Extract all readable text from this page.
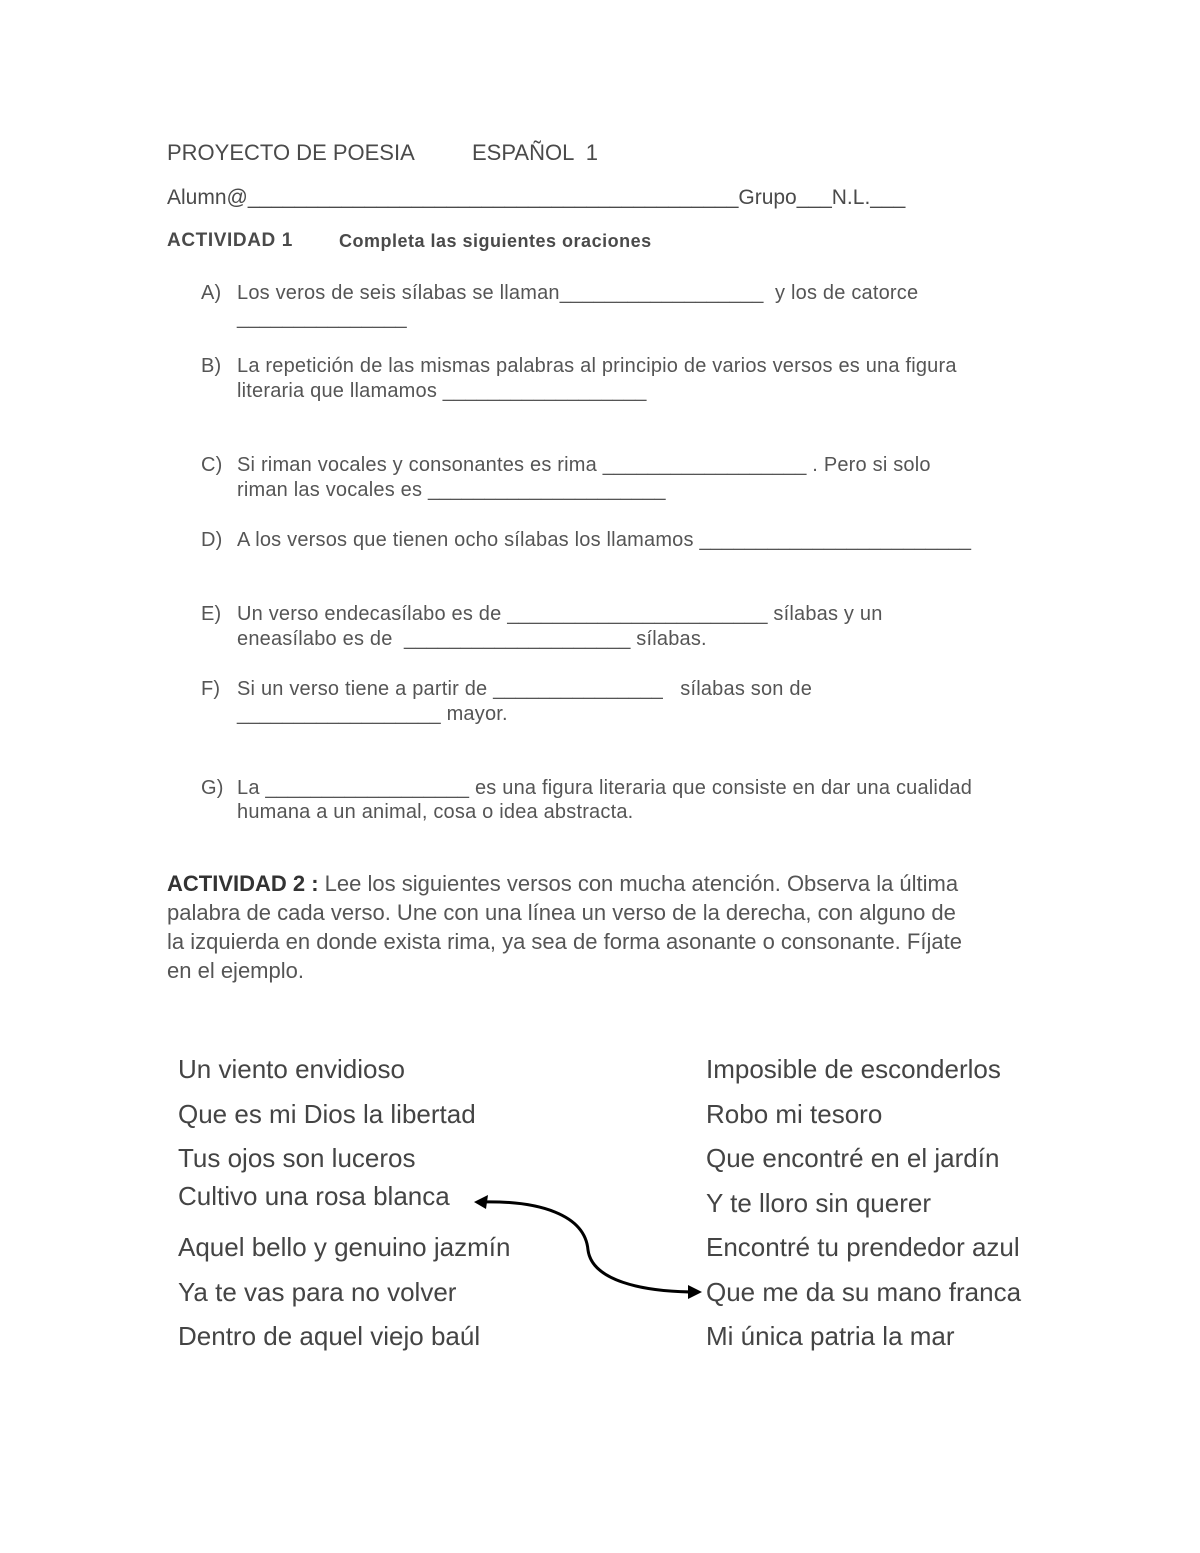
PROYECTO DE POESIA	ESPAÑOL  1
Alumn@__________________________________________Grupo___N.L.___
ACTIVIDAD 1	Completa las siguientes oraciones
A) Los veros de seis sílabas se llaman__________________  y los de catorce
_______________
B) La repetición de las mismas palabras al principio de varios versos es una figura
literaria que llamamos __________________
C) Si riman vocales y consonantes es rima __________________ . Pero si solo
riman las vocales es _____________________
D) A los versos que tienen ocho sílabas los llamamos ________________________
E) Un verso endecasílabo es de _______________________ sílabas y un
eneasílabo es de  ____________________ sílabas.
F) Si un verso tiene a partir de _______________   sílabas son de
__________________ mayor.
G) La __________________ es una figura literaria que consiste en dar una cualidad
humana a un animal, cosa o idea abstracta.
ACTIVIDAD 2 : Lee los siguientes versos con mucha atención. Observa la última
palabra de cada verso. Une con una línea un verso de la derecha, con alguno de
la izquierda en donde exista rima, ya sea de forma asonante o consonante. Fíjate
en el ejemplo.
Un viento envidioso
Que es mi Dios la libertad
Tus ojos son luceros
Cultivo una rosa blanca
Aquel bello y genuino jazmín
Ya te vas para no volver
Dentro de aquel viejo baúl
Imposible de esconderlos
Robo mi tesoro
Que encontré en el jardín
Y te lloro sin querer
Encontré tu prendedor azul
Que me da su mano franca
Mi única patria la mar
